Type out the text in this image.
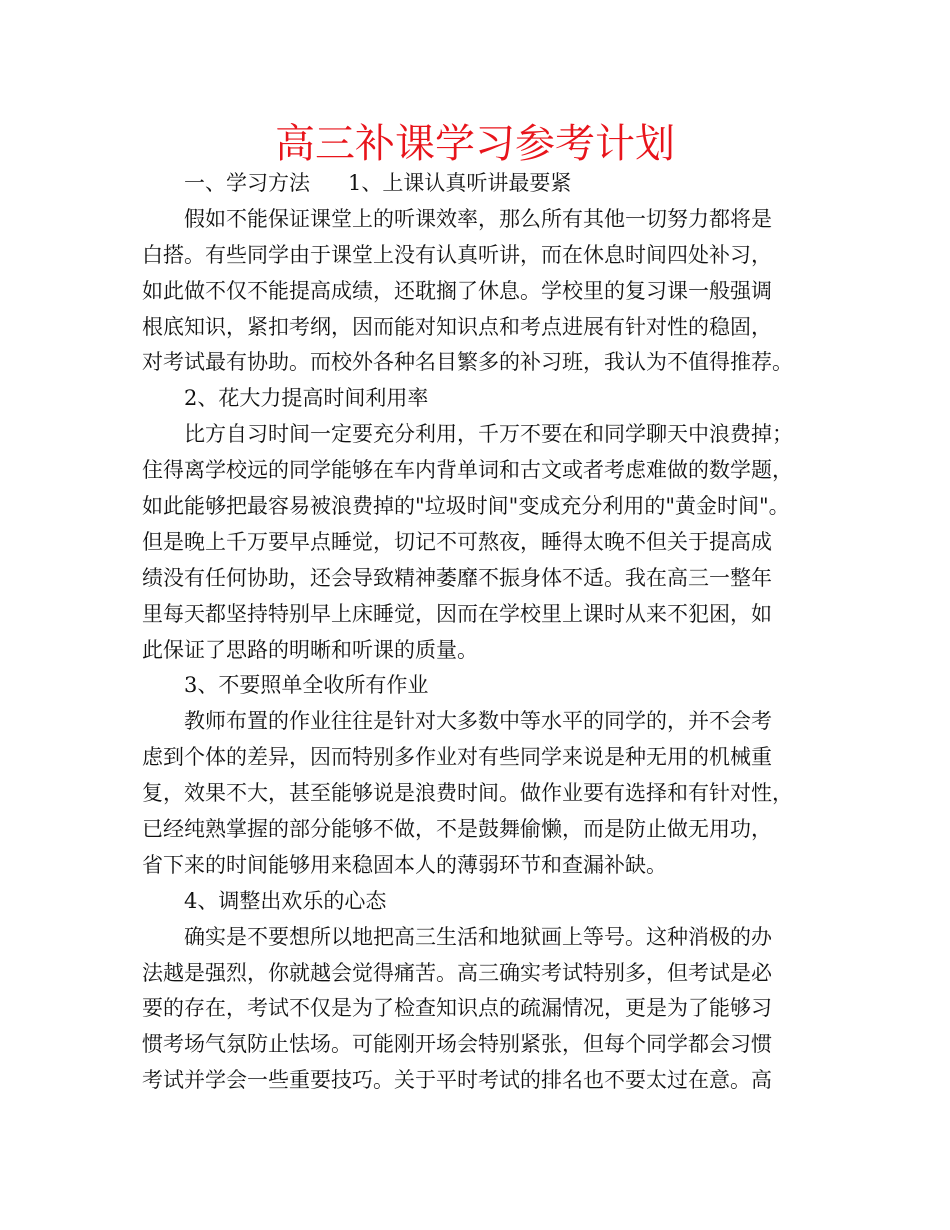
高三补课学习参考计划
一、学习方法 1、上课认真听讲最要紧
假如不能保证课堂上的听课效率，那么所有其他一切努力都将是
白搭。有些同学由于课堂上没有认真听讲，而在休息时间四处补习，
如此做不仅不能提高成绩，还耽搁了休息。学校里的复习课一般强调
根底知识，紧扣考纲，因而能对知识点和考点进展有针对性的稳固，
对考试最有协助。而校外各种名目繁多的补习班，我认为不值得推荐。
2、花大力提高时间利用率
比方自习时间一定要充分利用，千万不要在和同学聊天中浪费掉；
住得离学校远的同学能够在车内背单词和古文或者考虑难做的数学题，
如此能够把最容易被浪费掉的"垃圾时间"变成充分利用的"黄金时间"。
但是晚上千万要早点睡觉，切记不可熬夜，睡得太晚不但关于提高成
绩没有任何协助，还会导致精神萎靡不振身体不适。我在高三一整年
里每天都坚持特别早上床睡觉，因而在学校里上课时从来不犯困，如
此保证了思路的明晰和听课的质量。
3、不要照单全收所有作业
教师布置的作业往往是针对大多数中等水平的同学的，并不会考
虑到个体的差异，因而特别多作业对有些同学来说是种无用的机械重
复，效果不大，甚至能够说是浪费时间。做作业要有选择和有针对性，
已经纯熟掌握的部分能够不做，不是鼓舞偷懒，而是防止做无用功，
省下来的时间能够用来稳固本人的薄弱环节和查漏补缺。
4、调整出欢乐的心态
确实是不要想所以地把高三生活和地狱画上等号。这种消极的办
法越是强烈，你就越会觉得痛苦。高三确实考试特别多，但考试是必
要的存在，考试不仅是为了检查知识点的疏漏情况，更是为了能够习
惯考场气氛防止怯场。可能刚开场会特别紧张，但每个同学都会习惯
考试并学会一些重要技巧。关于平时考试的排名也不要太过在意。高
